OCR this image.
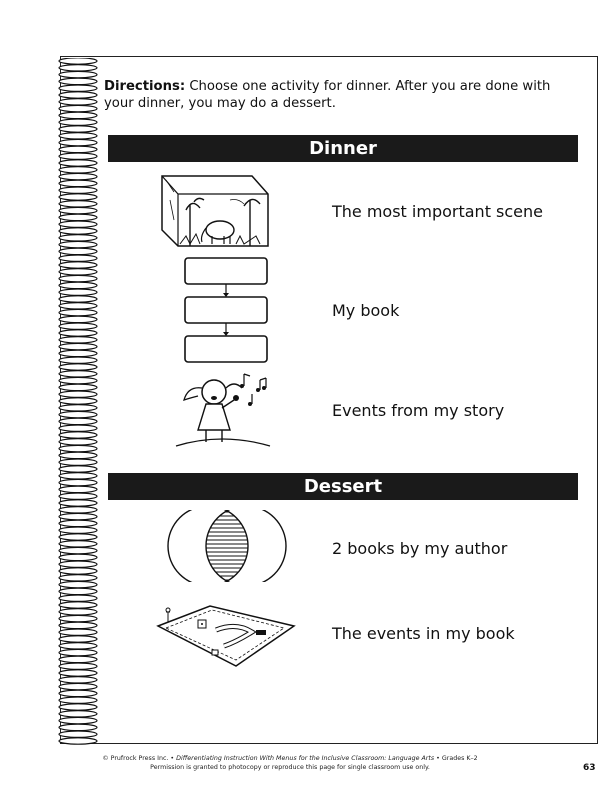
Directions: Choose one activity for dinner. After you are done with your dinner, you may do a dessert.
Dinner
The most important scene
My book
Events from my story
Dessert
2 books by my author
The events in my book
© Prufrock Press Inc. • Differentiating Instruction With Menus for the Inclusive Classroom: Language Arts • Grades K–2
Permission is granted to photocopy or reproduce this page for single classroom use only.	63
